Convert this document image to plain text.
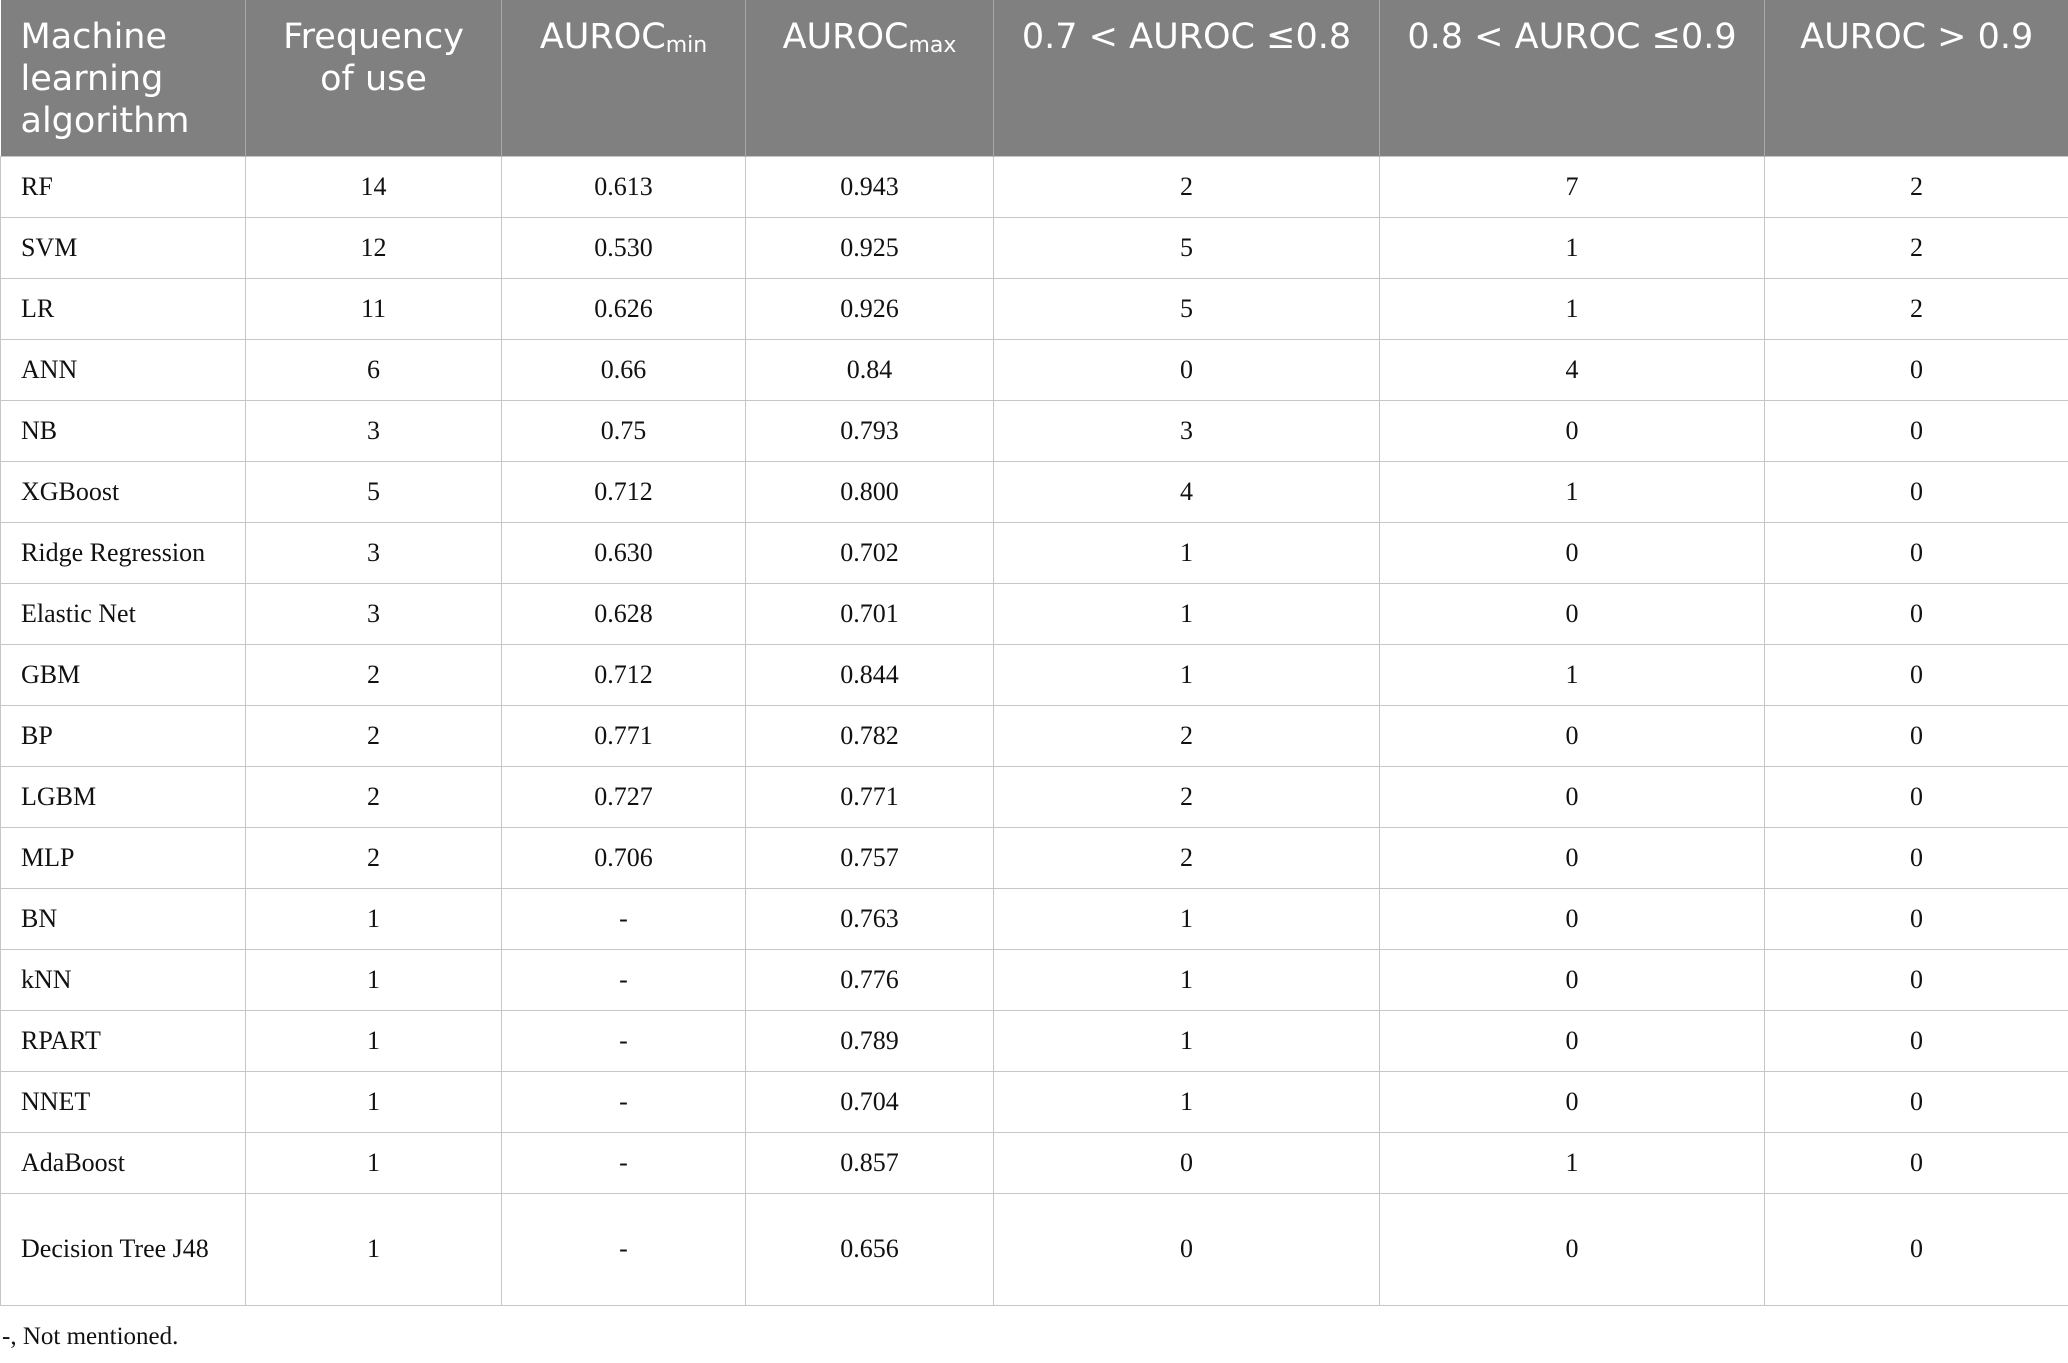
Machine learning algorithm	Frequency of use	$AUROC_{min}$	$AUROC_{max}$	0.7 < AUROC ≤0.8	0.8 < AUROC ≤0.9	AUROC > 0.9
RF	14	0.613	0.943	2	7	2
SVM	12	0.530	0.925	5	1	2
LR	11	0.626	0.926	5	1	2
ANN	6	0.66	0.84	0	4	0
NB	3	0.75	0.793	3	0	0
XGBoost	5	0.712	0.800	4	1	0
Ridge Regression	3	0.630	0.702	1	0	0
Elastic Net	3	0.628	0.701	1	0	0
GBM	2	0.712	0.844	1	1	0
BP	2	0.771	0.782	2	0	0
LGBM	2	0.727	0.771	2	0	0
MLP	2	0.706	0.757	2	0	0
BN	1	-	0.763	1	0	0
kNN	1	-	0.776	1	0	0
RPART	1	-	0.789	1	0	0
NNET	1	-	0.704	1	0	0
AdaBoost	1	-	0.857	0	1	0
Decision Tree J48	1	-	0.656	0	0	0
-, Not mentioned.
